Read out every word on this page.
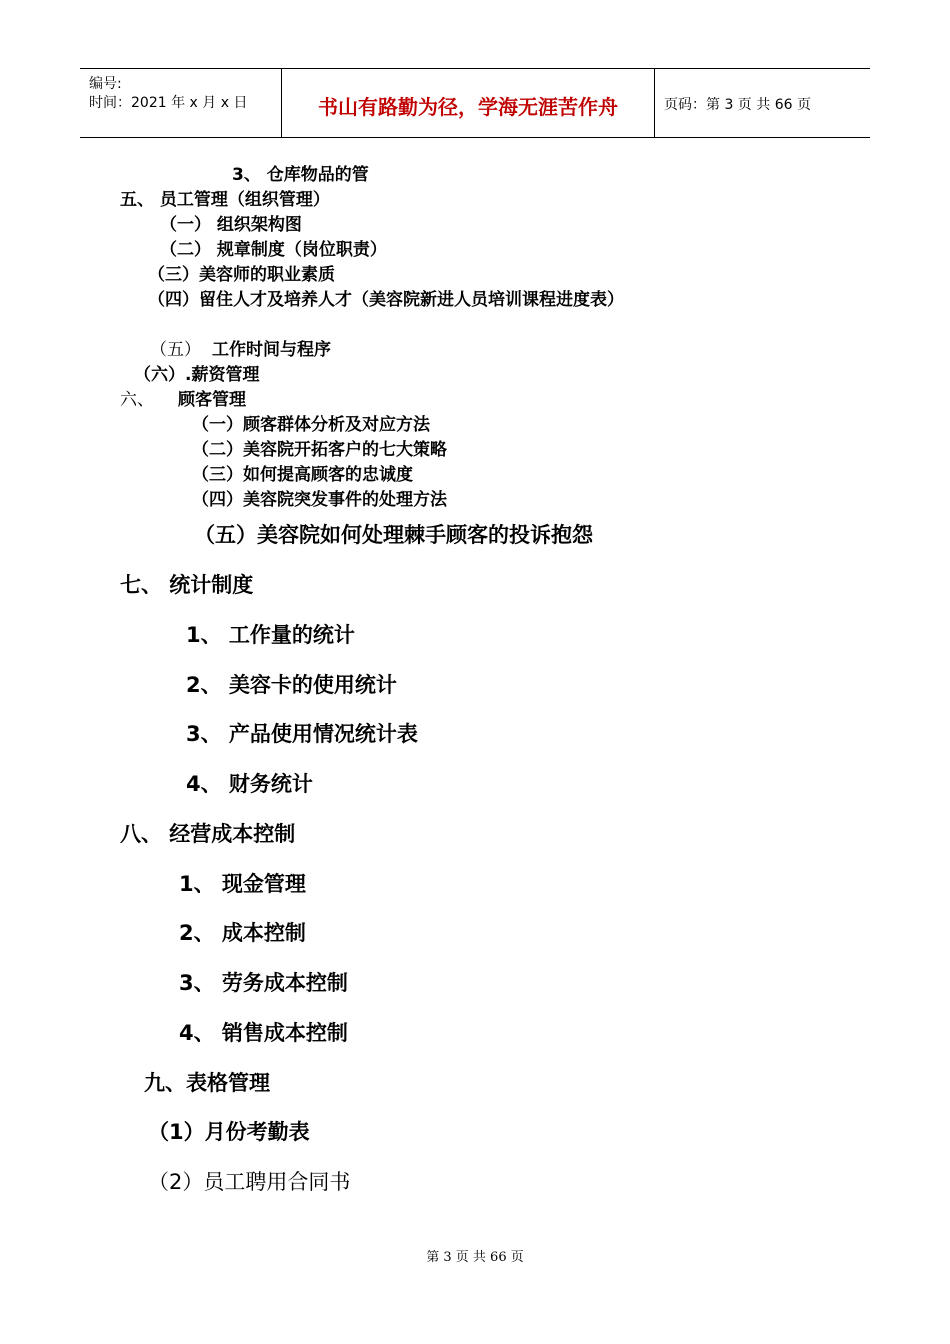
编号:
时间：2021 年 x 月 x 日	书山有路勤为径，学海无涯苦作舟	页码：第 3 页 共 66 页
3、 仓库物品的管
五、 员工管理（组织管理）
（一） 组织架构图
（二） 规章制度（岗位职责）
（三）美容师的职业素质
（四）留住人才及培养人才（美容院新进人员培训课程进度表）
（五） 工作时间与程序
（六）.薪资管理
六、 顾客管理
（一）顾客群体分析及对应方法
（二）美容院开拓客户的七大策略
（三）如何提高顾客的忠诚度
（四）美容院突发事件的处理方法
（五）美容院如何处理棘手顾客的投诉抱怨
七、 统计制度
1、 工作量的统计
2、 美容卡的使用统计
3、 产品使用情况统计表
4、 财务统计
八、 经营成本控制
1、 现金管理
2、 成本控制
3、 劳务成本控制
4、 销售成本控制
九、表格管理
（1）月份考勤表
（2）员工聘用合同书
第 3 页 共 66 页
